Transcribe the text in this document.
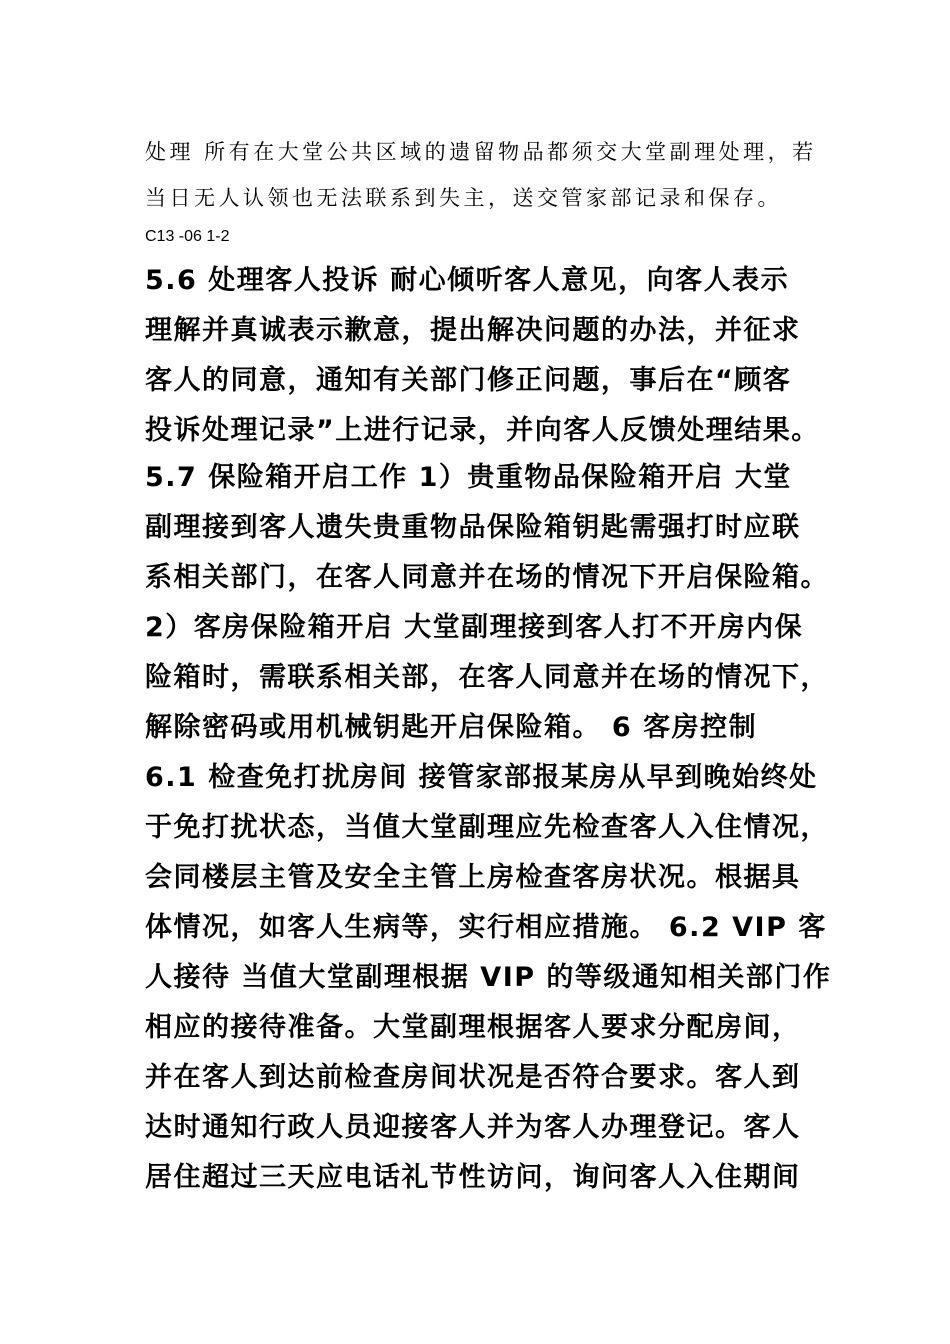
处理 所有在大堂公共区域的遗留物品都须交大堂副理处理，若
当日无人认领也无法联系到失主，送交管家部记录和保存。
C13 -06 1-2
5.6 处理客人投诉 耐心倾听客人意见，向客人表示
理解并真诚表示歉意，提出解决问题的办法，并征求
客人的同意，通知有关部门修正问题，事后在“顾客
投诉处理记录”上进行记录，并向客人反馈处理结果。
5.7 保险箱开启工作 1）贵重物品保险箱开启 大堂
副理接到客人遗失贵重物品保险箱钥匙需强打时应联
系相关部门，在客人同意并在场的情况下开启保险箱。
2）客房保险箱开启 大堂副理接到客人打不开房内保
险箱时，需联系相关部，在客人同意并在场的情况下，
解除密码或用机械钥匙开启保险箱。 6 客房控制
6.1 检查免打扰房间 接管家部报某房从早到晚始终处
于免打扰状态，当值大堂副理应先检查客人入住情况，
会同楼层主管及安全主管上房检查客房状况。根据具
体情况，如客人生病等，实行相应措施。 6.2 VIP 客
人接待 当值大堂副理根据 VIP 的等级通知相关部门作
相应的接待准备。大堂副理根据客人要求分配房间，
并在客人到达前检查房间状况是否符合要求。客人到
达时通知行政人员迎接客人并为客人办理登记。客人
居住超过三天应电话礼节性访问，询问客人入住期间
